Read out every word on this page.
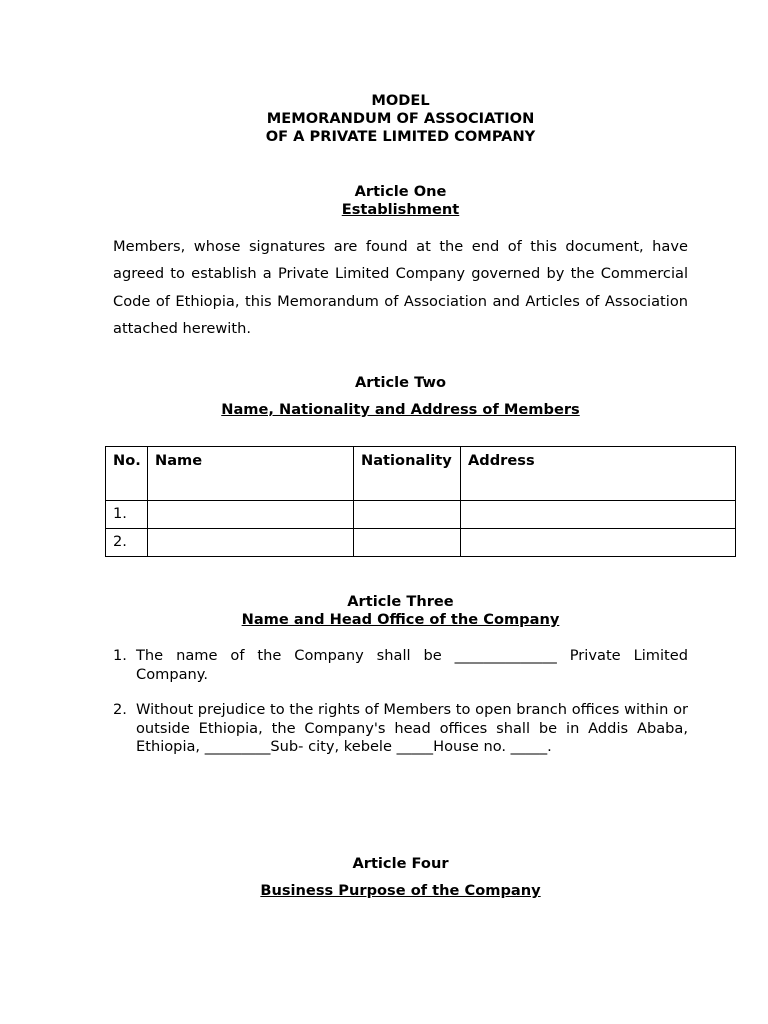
MODEL
MEMORANDUM OF ASSOCIATION
OF A PRIVATE LIMITED COMPANY
Article One
Establishment
Members, whose signatures are found at the end of this document, have agreed to establish a Private Limited Company governed by the Commercial Code of Ethiopia, this Memorandum of Association and Articles of Association attached herewith.
Article Two
Name, Nationality and Address of Members
No.	Name	Nationality	Address
1.			
2.			
Article Three
Name and Head Office of the Company
1. The name of the Company shall be ______________ Private Limited Company.
2. Without prejudice to the rights of Members to open branch offices within or outside Ethiopia, the Company's head offices shall be in Addis Ababa, Ethiopia, _________Sub- city, kebele _____House no. _____.
Article Four
Business Purpose of the Company
